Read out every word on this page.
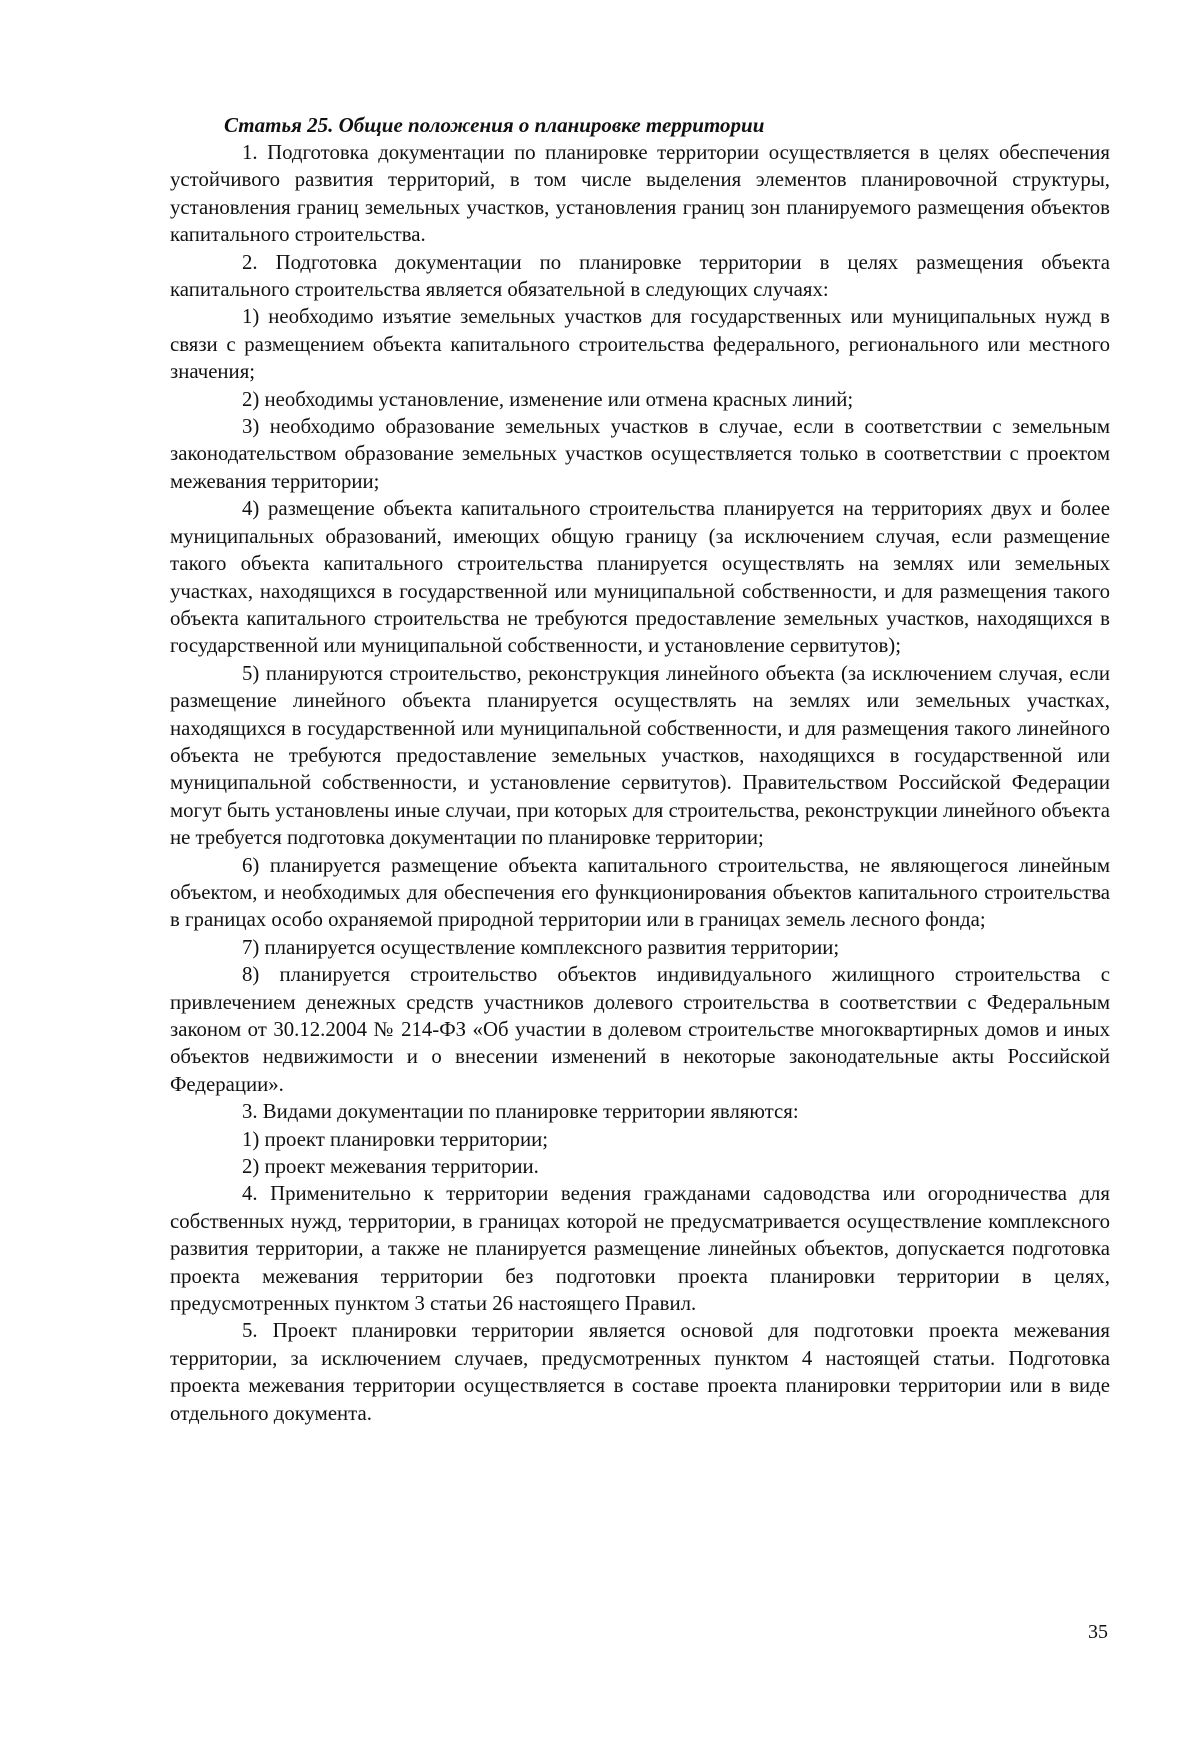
Статья 25. Общие положения о планировке территории

1. Подготовка документации по планировке территории осуществляется в целях обеспечения устойчивого развития территорий, в том числе выделения элементов планировочной структуры, установления границ земельных участков, установления границ зон планируемого размещения объектов капитального строительства.

2. Подготовка документации по планировке территории в целях размещения объекта капитального строительства является обязательной в следующих случаях:

1) необходимо изъятие земельных участков для государственных или муниципальных нужд в связи с размещением объекта капитального строительства федерального, регионального или местного значения;

2) необходимы установление, изменение или отмена красных линий;

3) необходимо образование земельных участков в случае, если в соответствии с земельным законодательством образование земельных участков осуществляется только в соответствии с проектом межевания территории;

4) размещение объекта капитального строительства планируется на территориях двух и более муниципальных образований, имеющих общую границу (за исключением случая, если размещение такого объекта капитального строительства планируется осуществлять на землях или земельных участках, находящихся в государственной или муниципальной собственности, и для размещения такого объекта капитального строительства не требуются предоставление земельных участков, находящихся в государственной или муниципальной собственности, и установление сервитутов);

5) планируются строительство, реконструкция линейного объекта (за исключением случая, если размещение линейного объекта планируется осуществлять на землях или земельных участках, находящихся в государственной или муниципальной собственности, и для размещения такого линейного объекта не требуются предоставление земельных участков, находящихся в государственной или муниципальной собственности, и установление сервитутов). Правительством Российской Федерации могут быть установлены иные случаи, при которых для строительства, реконструкции линейного объекта не требуется подготовка документации по планировке территории;

6) планируется размещение объекта капитального строительства, не являющегося линейным объектом, и необходимых для обеспечения его функционирования объектов капитального строительства в границах особо охраняемой природной территории или в границах земель лесного фонда;

7) планируется осуществление комплексного развития территории;

8) планируется строительство объектов индивидуального жилищного строительства с привлечением денежных средств участников долевого строительства в соответствии с Федеральным законом от 30.12.2004 № 214-ФЗ «Об участии в долевом строительстве многоквартирных домов и иных объектов недвижимости и о внесении изменений в некоторые законодательные акты Российской Федерации».

3. Видами документации по планировке территории являются:

1) проект планировки территории;

2) проект межевания территории.

4. Применительно к территории ведения гражданами садоводства или огородничества для собственных нужд, территории, в границах которой не предусматривается осуществление комплексного развития территории, а также не планируется размещение линейных объектов, допускается подготовка проекта межевания территории без подготовки проекта планировки территории в целях, предусмотренных пунктом 3 статьи 26 настоящего Правил.

5. Проект планировки территории является основой для подготовки проекта межевания территории, за исключением случаев, предусмотренных пунктом 4 настоящей статьи. Подготовка проекта межевания территории осуществляется в составе проекта планировки территории или в виде отдельного документа.

35
